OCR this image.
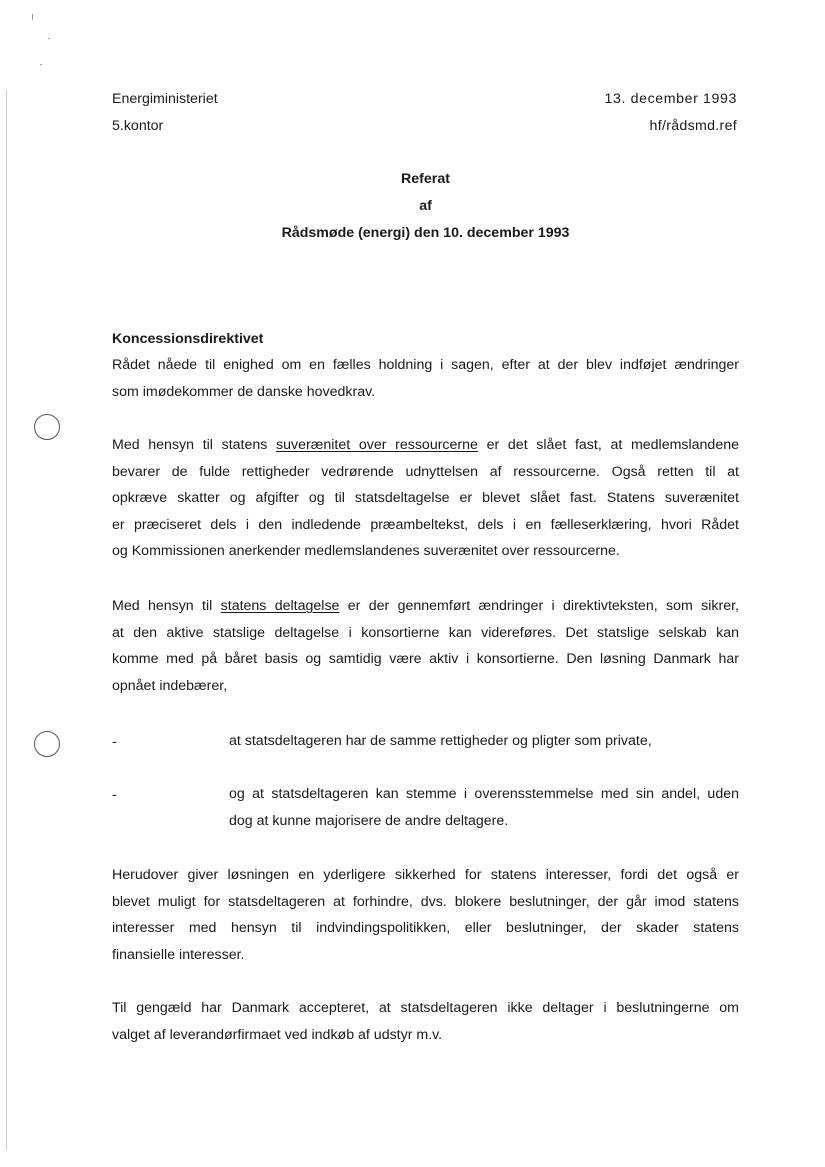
Energiministeriet
5.kontor
13. december 1993
hf/rådsmd.ref
Referat
af
Rådsmøde (energi) den 10. december 1993
Koncessionsdirektivet

Rådet nåede til enighed om en fælles holdning i sagen, efter at der blev indføjet ændringer
som imødekommer de danske hovedkrav.

Med hensyn til statens suverænitet over ressourcerne er det slået fast, at medlemslandene
bevarer de fulde rettigheder vedrørende udnyttelsen af ressourcerne. Også retten til at
opkræve skatter og afgifter og til statsdeltagelse er blevet slået fast. Statens suverænitet
er præciseret dels i den indledende præambeltekst, dels i en fælleserklæring, hvori Rådet
og Kommissionen anerkender medlemslandenes suverænitet over ressourcerne.

Med hensyn til statens deltagelse er der gennemført ændringer i direktivteksten, som sikrer,
at den aktive statslige deltagelse i konsortierne kan videreføres. Det statslige selskab kan
komme med på båret basis og samtidig være aktiv i konsortierne. Den løsning Danmark har
opnået indebærer,

-	at statsdeltageren har de samme rettigheder og pligter som private,

-	og at statsdeltageren kan stemme i overensstemmelse med sin andel, uden
dog at kunne majorisere de andre deltagere.

Herudover giver løsningen en yderligere sikkerhed for statens interesser, fordi det også er
blevet muligt for statsdeltageren at forhindre, dvs. blokere beslutninger, der går imod statens
interesser med hensyn til indvindingspolitikken, eller beslutninger, der skader statens
finansielle interesser.

Til gengæld har Danmark accepteret, at statsdeltageren ikke deltager i beslutningerne om
valget af leverandørfirmaet ved indkøb af udstyr m.v.
